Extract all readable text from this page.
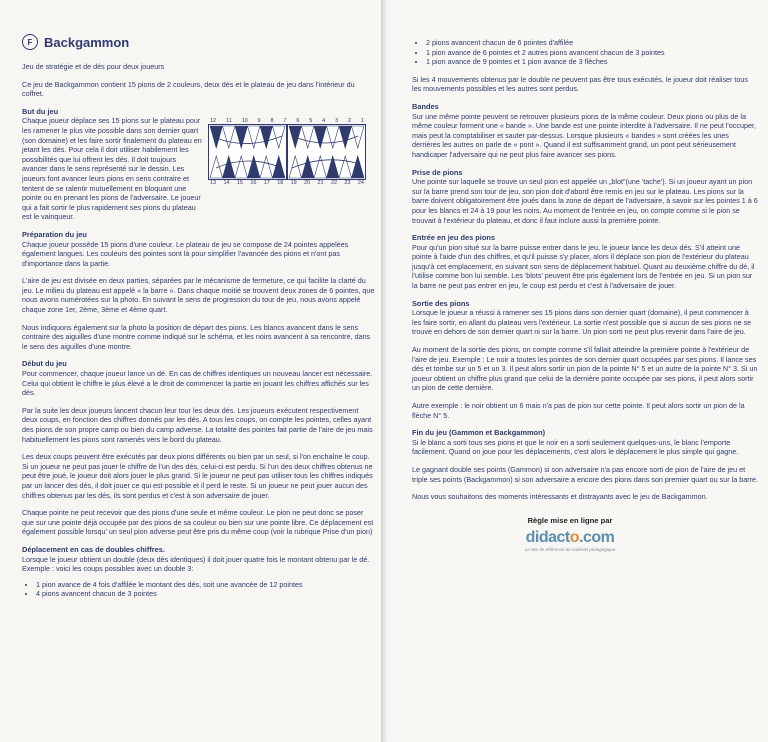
F Backgammon

Jeu de stratégie et de dés pour deux joueurs

Ce jeu de Backgammon contient 15 pions de 2 couleurs, deux dés et le plateau de jeu dans l'intérieur du coffret.

But du jeu

Chaque joueur déplace ses 15 pions sur le plateau pour les ramener le plus vite possible dans son dernier quart (son domaine) et les faire sortir finalement du plateau en jetant les dés. Pour cela il doit utiliser habilement les possibilités que lui offrent les dés. Il doit toujours avancer dans le sens représenté sur le dessin. Les joueurs font avancer leurs pions en sens contraire et tentent de se ralentir mutuellement en bloquant une pointe ou en prenant les pions de l'adversaire. Le joueur qui a fait sortir le plus rapidement ses pions du plateau est le vainqueur.

12 11 10 9 8 7 6 5 4 3 2 1
13 14 15 16 17 18 19 20 21 22 23 24
Préparation du jeu

Chaque joueur possède 15 pions d'une couleur. Le plateau de jeu se compose de 24 pointes appelées également langues. Les couleurs des pointes sont là pour simplifier l'avancée des pions et n'ont pas d'importance dans la partie.

L'aire de jeu est divisée en deux parties, séparées par le mécanisme de fermeture, ce qui facilite la clarté du jeu. Le milieu du plateau est appelé « la barre ». Dans chaque moitié se trouvent deux zones de 6 pointes, que nous avons numérotées sur la photo. En suivant le sens de progression du tour de jeu, nous avons appelé chaque zone 1er, 2ème, 3ème et 4ème quart.

Nous indiquons également sur la photo la position de départ des pions. Les blancs avancent dans le sens contraire des aiguilles d'une montre comme indiqué sur le schéma, et les noirs avancent à sa rencontre, dans le sens des aiguilles d'une montre.

Début du jeu

Pour commencer, chaque joueur lance un dé. En cas de chiffres identiques un nouveau lancer est nécessaire. Celui qui obtient le chiffre le plus élevé a le droit de commencer la partie en jouant les chiffres affichés sur les dés.

Par la suite les deux joueurs lancent chacun leur tour les deux dés. Les joueurs exécutent respectivement deux coups, en fonction des chiffres donnés par les dés. A tous les coups, on compte les pointes, celles ayant des pions de son propre camp ou bien du camp adverse. La totalité des pointes fait partie de l'aire de jeu mais habituellement les pions sont ramenés vers le bord du plateau.

Les deux coups peuvent être exécutés par deux pions différents ou bien par un seul, si l'on enchaîne le coup. Si un joueur ne peut pas jouer le chiffre de l'un des dés, celui-ci est perdu. Si l'un des deux chiffres obtenus ne peut être joué, le joueur doit alors jouer le plus grand. Si le joueur ne peut pas utiliser tous les chiffres indiqués par un lancer des dés, il doit jouer ce qui est possible et il perd le reste. Si un joueur ne peut jouer aucun des chiffres obtenus par les dés, ils sont perdus et c'est à son adversaire de jouer.

Chaque pointe ne peut recevoir que des pions d'une seule et même couleur. Le pion ne peut donc se poser que sur une pointe déjà occupée par des pions de sa couleur ou bien sur une pointe libre. Ce déplacement est également possible lorsqu' un seul pion adverse peut être pris du même coup (voir la rubrique Prise d'un pion)

Déplacement en cas de doubles chiffres.

Lorsque le joueur obtient un double (deux dés identiques) il doit jouer quatre fois le montant obtenu par le dé. Exemple : voici les coups possibles avec un double 3:

• 1 pion avance de 4 fois d'affilée le montant des dés, soit une avancée de 12 pointes
• 4 pions avancent chacun de 3 pointes
• 2 pions avancent chacun de 6 pointes d'affilée
• 1 pion avance de 6 pointes et 2 autres pions avancent chacun de 3 pointes
• 1 pion avance de 9 pointes et 1 pion avance de 3 flèches

Si les 4 mouvements obtenus par le double ne peuvent pas être tous exécutés, le joueur doit réaliser tous les mouvements possibles et les autres sont perdus.

Bandes

Sur une même pointe peuvent se retrouver plusieurs pions de la même couleur. Deux pions ou plus de la même couleur forment une « bande ». Une bande est une pointe interdite à l'adversaire. Il ne peut l'occuper, mais peut la comptabiliser et sauter par-dessus. Lorsque plusieurs « bandes » sont créées les unes derrières les autres on parle de « pont ». Quand il est suffisamment grand, un pont peut sérieusement handicaper l'adversaire qui ne peut plus faire avancer ses pions.

Prise de pions

Une pointe sur laquelle se trouve un seul pion est appelée un „blot"(une 'tache'). Si un joueur ayant un pion sur la barre prend son tour de jeu, son pion doit d'abord être remis en jeu sur le plateau. Les pions sur la barre doivent obligatoirement être joués dans la zone de départ de l'adversaire, à savoir sur les pointes 1 à 6 pour les blancs et 24 à 19 pour les noirs. Au moment de l'entrée en jeu, on compte comme si le pion se trouvait à l'extérieur du plateau, et donc il faut inclure aussi la première pointe.

Entrée en jeu des pions

Pour qu'un pion situé sur la barre puisse entrer dans le jeu, le joueur lance les deux dés. S'il atteint une pointe à l'aide d'un des chiffres, et qu'il puisse s'y placer, alors il déplace son pion de l'extérieur du plateau jusqu'à cet emplacement, en suivant son sens de déplacement habituel. Quant au deuxième chiffre du dé, il l'utilise comme bon lui semble. Les 'blots' peuvent être pris également lors de l'entrée en jeu. Si un pion sur la barre ne peut pas entrer en jeu, le coup est perdu et c'est à l'adversaire de jouer.

Sortie des pions

Lorsque le joueur a réussi à ramener ses 15 pions dans son dernier quart (domaine), il peut commencer à les faire sortir, en allant du plateau vers l'extérieur. La sortie n'est possible que si aucun de ses pions ne se trouve en dehors de son dernier quart ni sur la barre. Un pion sorti ne peut plus revenir dans l'aire de jeu.

Au moment de la sortie des pions, on compte comme s'il fallait atteindre la première pointe à l'extérieur de l'aire de jeu. Exemple : Le noir a toutes les pointes de son dernier quart occupées par ses pions. Il lance ses dés et tombe sur un 5 et un 3. Il peut alors sortir un pion de la pointe N° 5 et un autre de la pointe N° 3. Si un joueur obtient un chiffre plus grand que celui de la dernière pointe occupée par ses pions, il peut alors sortir un pion de cette dernière.

Autre exemple : le noir obtient un 6 mais n'a pas de pion sur cette pointe. Il peut alors sortir un pion de la flèche N° 5.

Fin du jeu (Gammon et Backgammon)

Si le blanc a sorti tous ses pions et que le noir en a sorti seulement quelques-uns, le blanc l'emporte facilement. Quand on joue pour les déplacements, c'est alors le déplacement le plus simple qui gagne.

Le gagnant double ses points (Gammon) si son adversaire n'a pas encore sorti de pion de l'aire de jeu et triple ses points (Backgammon) si son adversaire a encore des pions dans son premier quart ou sur la barre.

Nous vous souhaitons des moments intéressants et distrayants avec le jeu de Backgammon.

Règle mise en ligne par
didacto.com
Le site de référence du matériel pédagogique
